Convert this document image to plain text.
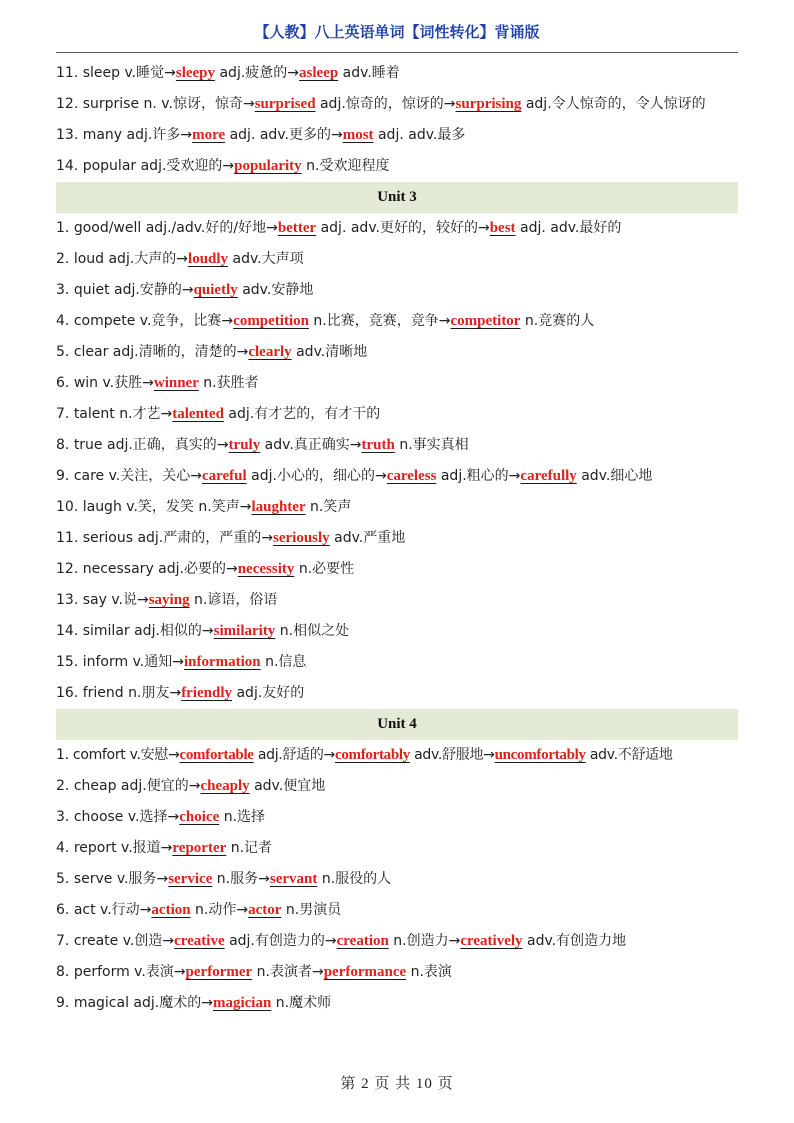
【人教】八上英语单词【词性转化】背诵版
11. sleep v.睡觉→sleepy adj.疲惫的→asleep adv.睡着
12. surprise n. v.惊讶，惊奇→surprised adj.惊奇的，惊讶的→surprising adj.令人惊奇的，令人惊讶的
13. many adj.许多→more adj. adv.更多的→most adj. adv.最多
14. popular adj.受欢迎的→popularity n.受欢迎程度
Unit 3
1. good/well adj./adv.好的/好地→better adj. adv.更好的，较好的→best adj. adv.最好的
2. loud adj.大声的→loudly adv.大声项
3. quiet adj.安静的→quietly adv.安静地
4. compete v.竞争，比赛→competition n.比赛，竞赛，竞争→competitor n.竞赛的人
5. clear adj.清晰的，清楚的→clearly adv.清晰地
6. win v.获胜→winner n.获胜者
7. talent n.才艺→talented adj.有才艺的，有才干的
8. true adj.正确，真实的→truly adv.真正确实→truth n.事实真相
9. care v.关注，关心→careful adj.小心的，细心的→careless adj.粗心的→carefully adv.细心地
10. laugh v.笑，发笑 n.笑声→laughter n.笑声
11. serious adj.严肃的，严重的→seriously adv.严重地
12. necessary adj.必要的→necessity n.必要性
13. say v.说→saying n.谚语，俗语
14. similar adj.相似的→similarity n.相似之处
15. inform v.通知→information n.信息
16. friend n.朋友→friendly adj.友好的
Unit 4
1. comfort v.安慰→comfortable adj.舒适的→comfortably adv.舒服地→uncomfortably adv.不舒适地
2. cheap adj.便宜的→cheaply adv.便宜地
3. choose v.选择→choice n.选择
4. report v.报道→reporter n.记者
5. serve v.服务→service n.服务→servant n.服役的人
6. act v.行动→action n.动作→actor n.男演员
7. create v.创造→creative adj.有创造力的→creation n.创造力→creatively adv.有创造力地
8. perform v.表演→performer n.表演者→performance n.表演
9. magical adj.魔术的→magician n.魔术师
第 2 页 共 10 页
